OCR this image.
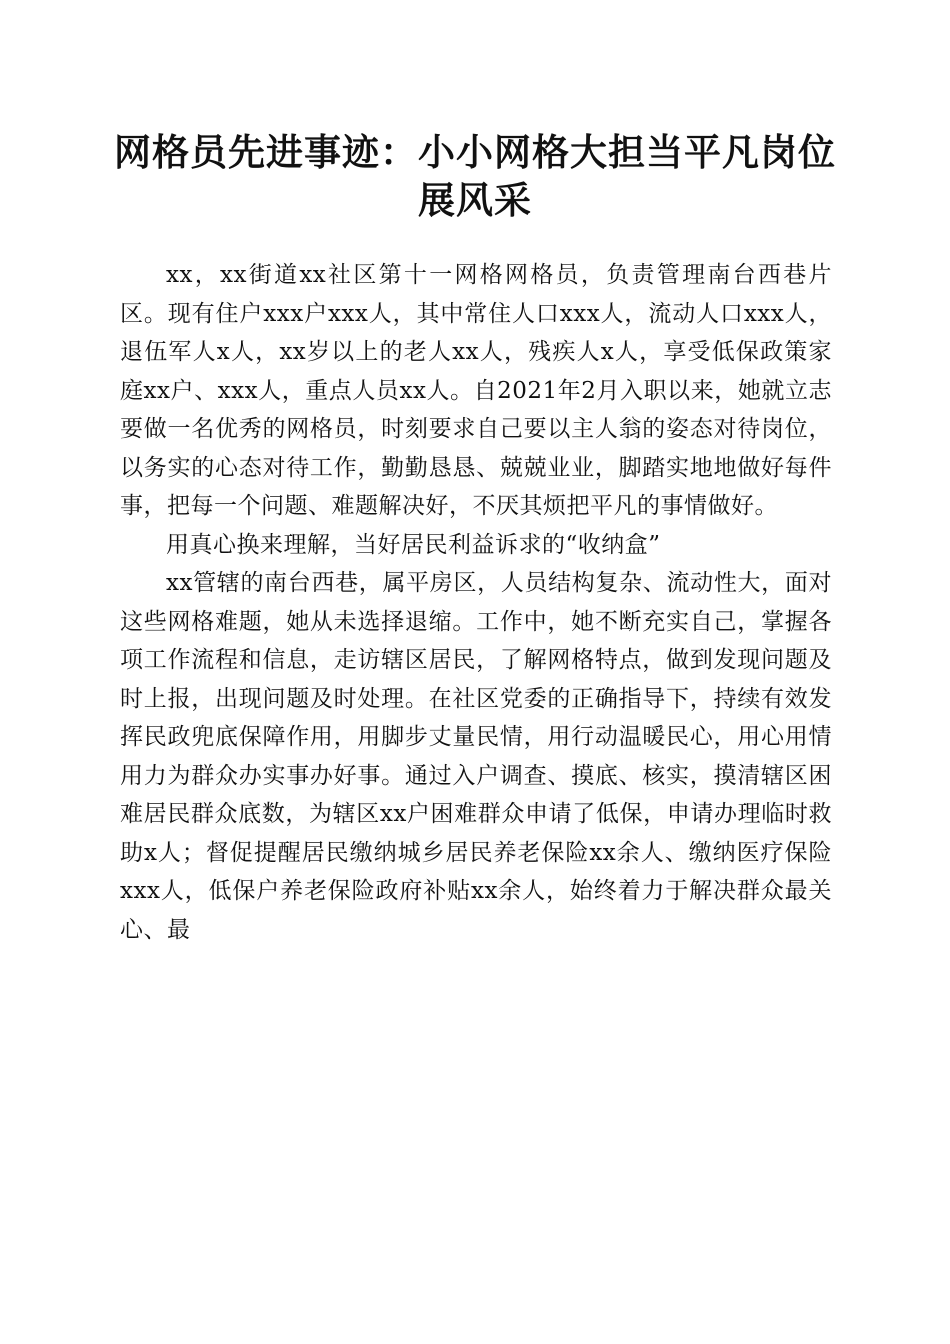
网格员先进事迹：小小网格大担当平凡岗位展风采

xx，xx街道xx社区第十一网格网格员，负责管理南台西巷片区。现有住户xxx户xxx人，其中常住人口xxx人，流动人口xxx人，退伍军人x人，xx岁以上的老人xx人，残疾人x人，享受低保政策家庭xx户、xxx人，重点人员xx人。自2021年2月入职以来，她就立志要做一名优秀的网格员，时刻要求自己要以主人翁的姿态对待岗位，以务实的心态对待工作，勤勤恳恳、兢兢业业，脚踏实地地做好每件事，把每一个问题、难题解决好，不厌其烦把平凡的事情做好。

用真心换来理解，当好居民利益诉求的“收纳盒”

xx管辖的南台西巷，属平房区，人员结构复杂、流动性大，面对这些网格难题，她从未选择退缩。工作中，她不断充实自己，掌握各项工作流程和信息，走访辖区居民，了解网格特点，做到发现问题及时上报，出现问题及时处理。在社区党委的正确指导下，持续有效发挥民政兜底保障作用，用脚步丈量民情，用行动温暖民心，用心用情用力为群众办实事办好事。通过入户调查、摸底、核实，摸清辖区困难居民群众底数，为辖区xx户困难群众申请了低保，申请办理临时救助x人；督促提醒居民缴纳城乡居民养老保险xx余人、缴纳医疗保险xxx人，低保户养老保险政府补贴xx余人，始终着力于解决群众最关心、最
